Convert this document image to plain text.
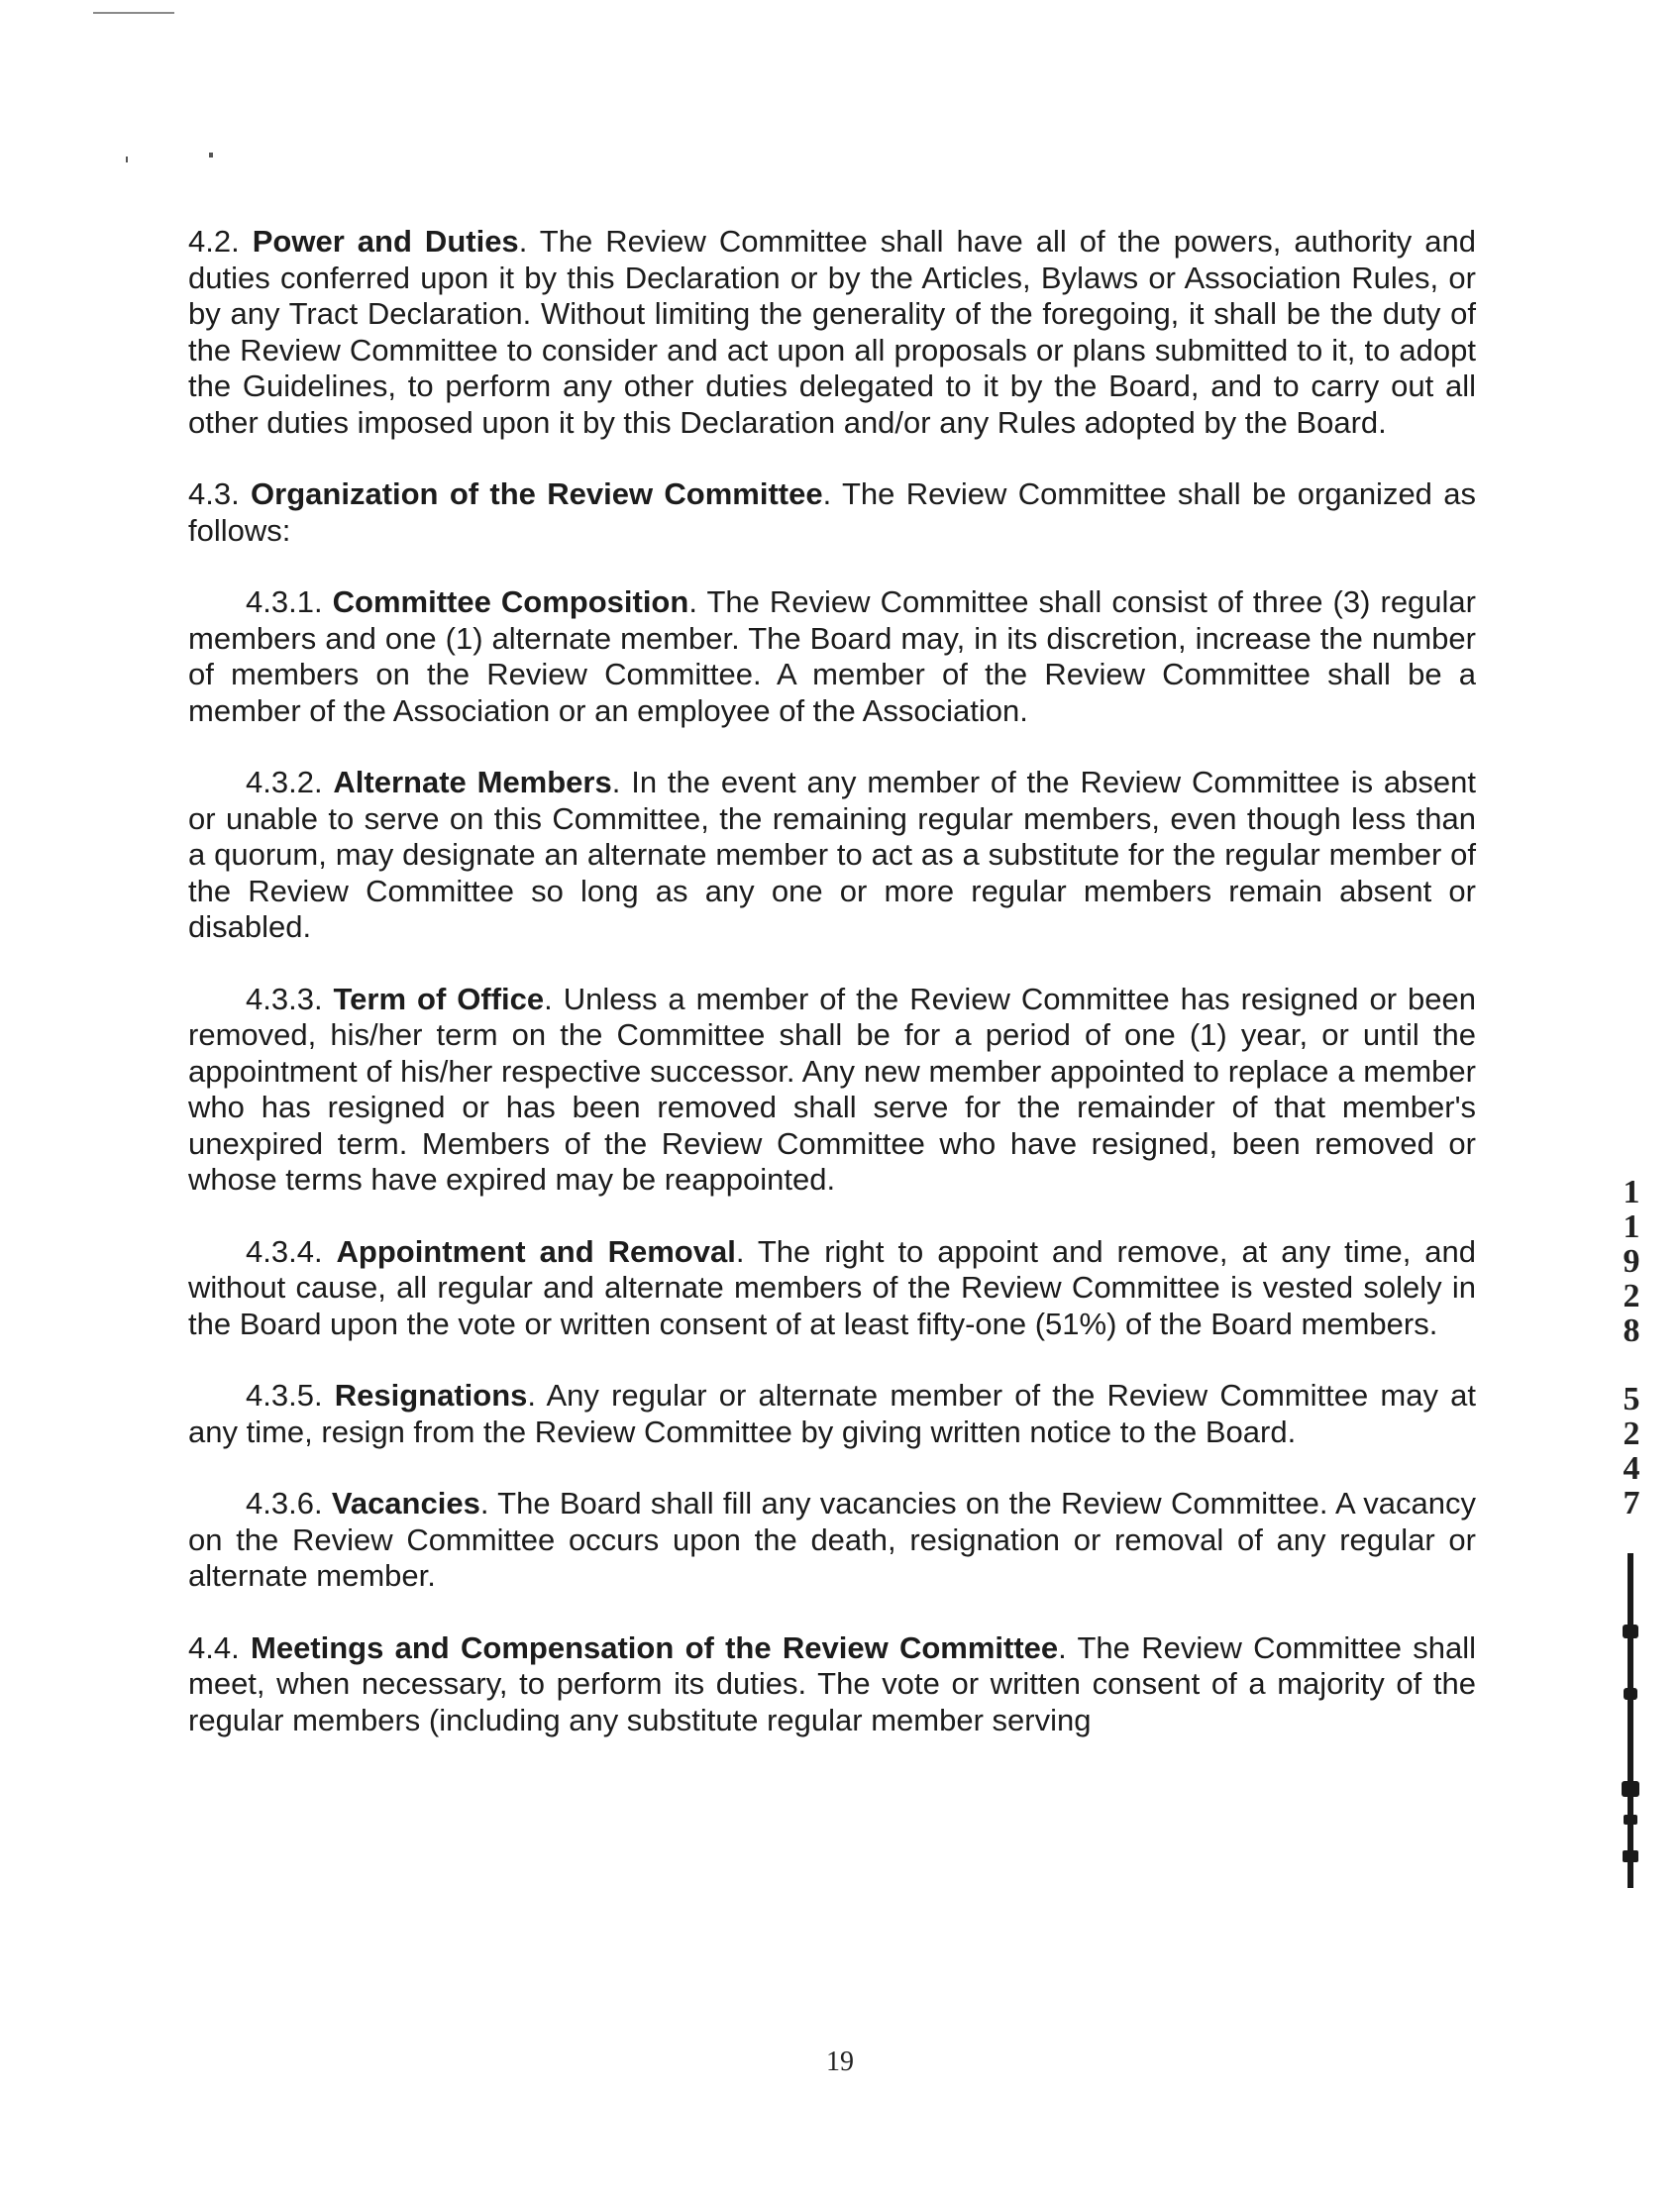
4.2. Power and Duties. The Review Committee shall have all of the powers, authority and duties conferred upon it by this Declaration or by the Articles, Bylaws or Association Rules, or by any Tract Declaration. Without limiting the generality of the foregoing, it shall be the duty of the Review Committee to consider and act upon all proposals or plans submitted to it, to adopt the Guidelines, to perform any other duties delegated to it by the Board, and to carry out all other duties imposed upon it by this Declaration and/or any Rules adopted by the Board.

4.3. Organization of the Review Committee. The Review Committee shall be organized as follows:

4.3.1. Committee Composition. The Review Committee shall consist of three (3) regular members and one (1) alternate member. The Board may, in its discretion, increase the number of members on the Review Committee. A member of the Review Committee shall be a member of the Association or an employee of the Association.

4.3.2. Alternate Members. In the event any member of the Review Committee is absent or unable to serve on this Committee, the remaining regular members, even though less than a quorum, may designate an alternate member to act as a substitute for the regular member of the Review Committee so long as any one or more regular members remain absent or disabled.

4.3.3. Term of Office. Unless a member of the Review Committee has resigned or been removed, his/her term on the Committee shall be for a period of one (1) year, or until the appointment of his/her respective successor. Any new member appointed to replace a member who has resigned or has been removed shall serve for the remainder of that member's unexpired term. Members of the Review Committee who have resigned, been removed or whose terms have expired may be reappointed.

4.3.4. Appointment and Removal. The right to appoint and remove, at any time, and without cause, all regular and alternate members of the Review Committee is vested solely in the Board upon the vote or written consent of at least fifty-one (51%) of the Board members.

4.3.5. Resignations. Any regular or alternate member of the Review Committee may at any time, resign from the Review Committee by giving written notice to the Board.

4.3.6. Vacancies. The Board shall fill any vacancies on the Review Committee. A vacancy on the Review Committee occurs upon the death, resignation or removal of any regular or alternate member.

4.4. Meetings and Compensation of the Review Committee. The Review Committee shall meet, when necessary, to perform its duties. The vote or written consent of a majority of the regular members (including any substitute regular member serving

1
1
9
2
8
5
2
4
7
19
